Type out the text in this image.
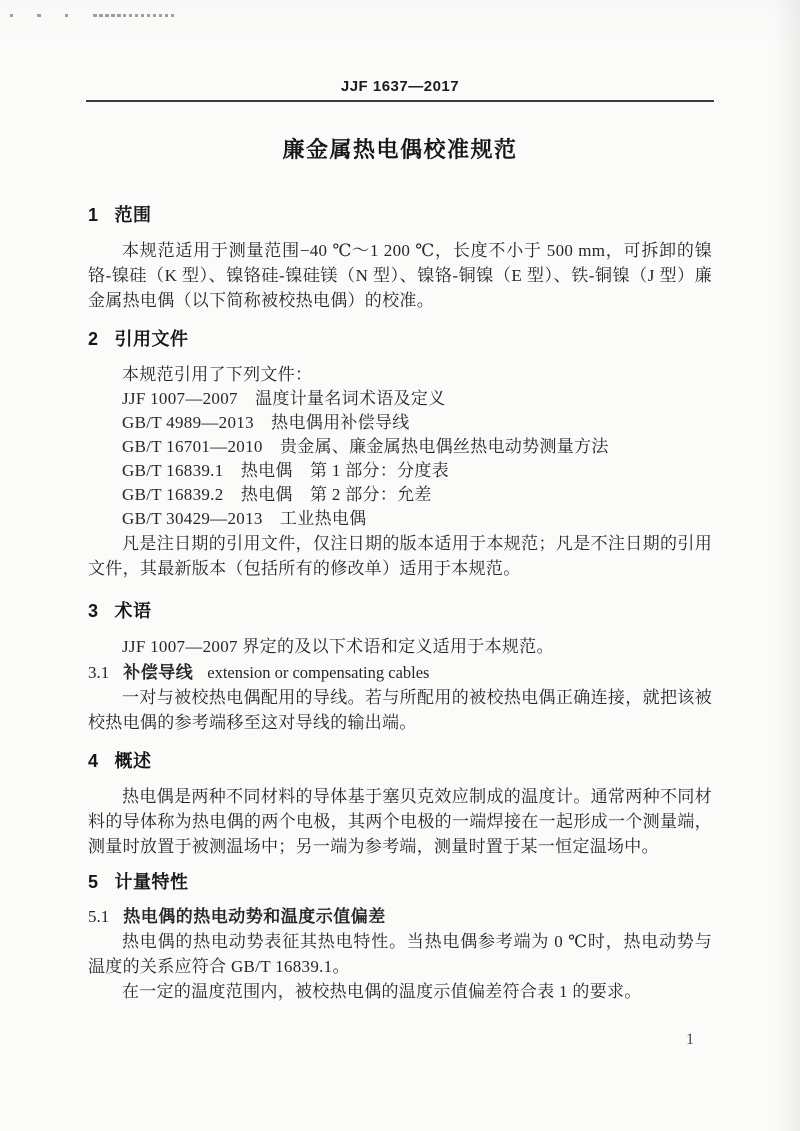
JJF 1637—2017
廉金属热电偶校准规范
1 范围

本规范适用于测量范围−40 ℃～1 200 ℃，长度不小于 500 mm，可拆卸的镍铬-镍硅（K 型）、镍铬硅-镍硅镁（N 型）、镍铬-铜镍（E 型）、铁-铜镍（J 型）廉金属热电偶（以下简称被校热电偶）的校准。

2 引用文件

本规范引用了下列文件：

JJF 1007—2007　温度计量名词术语及定义
GB/T 4989—2013　热电偶用补偿导线
GB/T 16701—2010　贵金属、廉金属热电偶丝热电动势测量方法
GB/T 16839.1　热电偶　第 1 部分：分度表
GB/T 16839.2　热电偶　第 2 部分：允差
GB/T 30429—2013　工业热电偶

凡是注日期的引用文件，仅注日期的版本适用于本规范；凡是不注日期的引用文件，其最新版本（包括所有的修改单）适用于本规范。

3 术语

JJF 1007—2007 界定的及以下术语和定义适用于本规范。

3.1 补偿导线 extension or compensating cables

一对与被校热电偶配用的导线。若与所配用的被校热电偶正确连接，就把该被校热电偶的参考端移至这对导线的输出端。

4 概述

热电偶是两种不同材料的导体基于塞贝克效应制成的温度计。通常两种不同材料的导体称为热电偶的两个电极，其两个电极的一端焊接在一起形成一个测量端，测量时放置于被测温场中；另一端为参考端，测量时置于某一恒定温场中。

5 计量特性

5.1 热电偶的热电动势和温度示值偏差

热电偶的热电动势表征其热电特性。当热电偶参考端为 0 ℃时，热电动势与温度的关系应符合 GB/T 16839.1。

在一定的温度范围内，被校热电偶的温度示值偏差符合表 1 的要求。

1
